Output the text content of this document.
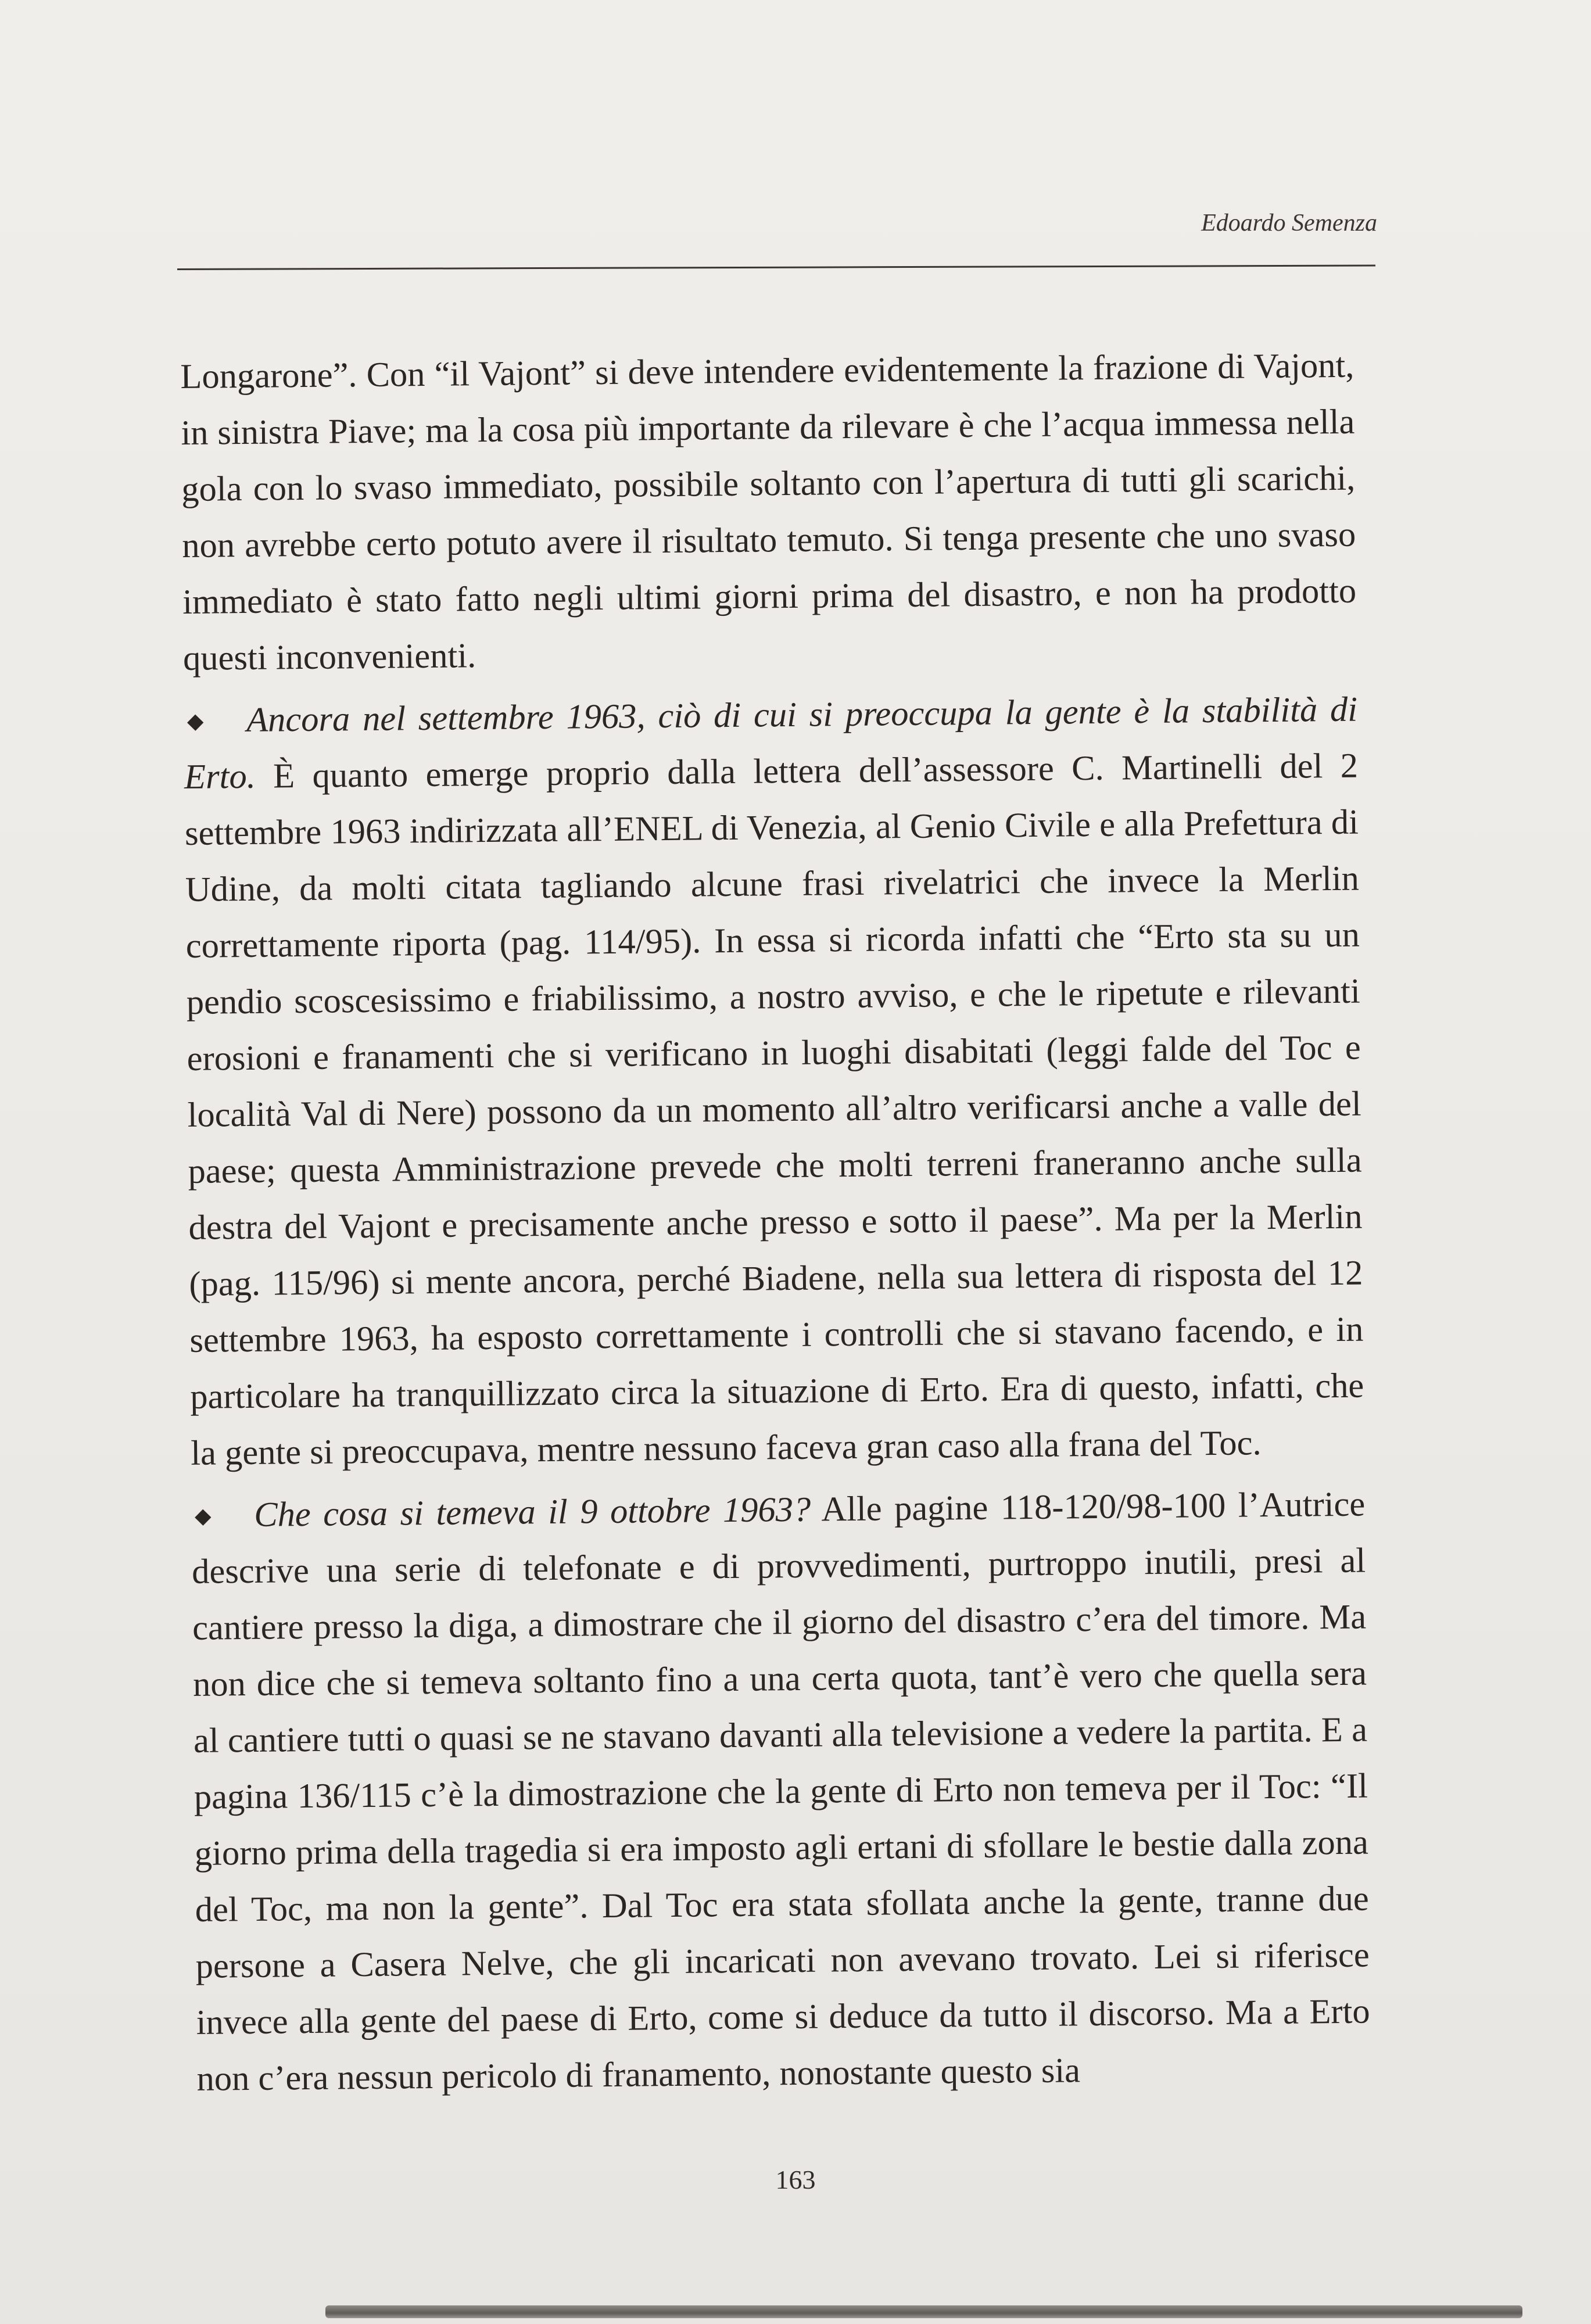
Edoardo Semenza

Longarone”. Con “il Vajont” si deve intendere evidentemente la frazione di Vajont, in sinistra Piave; ma la cosa più importante da rilevare è che l’acqua immessa nella gola con lo svaso immediato, possibile soltanto con l’apertura di tutti gli scarichi, non avrebbe certo potuto avere il risultato temuto. Si tenga presente che uno svaso immediato è stato fatto negli ultimi giorni prima del disastro, e non ha prodotto questi inconvenienti.

Ancora nel settembre 1963, ciò di cui si preoccupa la gente è la stabilità di Erto. È quanto emerge proprio dalla lettera dell’assessore C. Martinelli del 2 settembre 1963 indirizzata all’ENEL di Venezia, al Genio Civile e alla Prefettura di Udine, da molti citata tagliando alcune frasi rivelatrici che invece la Merlin correttamente riporta (pag. 114/95). In essa si ricorda infatti che “Erto sta su un pendio scoscesissimo e friabilissimo, a nostro avviso, e che le ripetute e rilevanti erosioni e franamenti che si verificano in luoghi disabitati (leggi falde del Toc e località Val di Nere) possono da un momento all’altro verificarsi anche a valle del paese; questa Amministrazione prevede che molti terreni franeranno anche sulla destra del Vajont e precisamente anche presso e sotto il paese”. Ma per la Merlin (pag. 115/96) si mente ancora, perché Biadene, nella sua lettera di risposta del 12 settembre 1963, ha esposto correttamente i controlli che si stavano facendo, e in particolare ha tranquillizzato circa la situazione di Erto. Era di questo, infatti, che la gente si preoccupava, mentre nessuno faceva gran caso alla frana del Toc.

Che cosa si temeva il 9 ottobre 1963? Alle pagine 118-120/98-100 l’Autrice descrive una serie di telefonate e di provvedimenti, purtroppo inutili, presi al cantiere presso la diga, a dimostrare che il giorno del disastro c’era del timore. Ma non dice che si temeva soltanto fino a una certa quota, tant’è vero che quella sera al cantiere tutti o quasi se ne stavano davanti alla televisione a vedere la partita. E a pagina 136/115 c’è la dimostrazione che la gente di Erto non temeva per il Toc: “Il giorno prima della tragedia si era imposto agli ertani di sfollare le bestie dalla zona del Toc, ma non la gente”. Dal Toc era stata sfollata anche la gente, tranne due persone a Casera Nelve, che gli incaricati non avevano trovato. Lei si riferisce invece alla gente del paese di Erto, come si deduce da tutto il discorso. Ma a Erto non c’era nessun pericolo di franamento, nonostante questo sia

163
